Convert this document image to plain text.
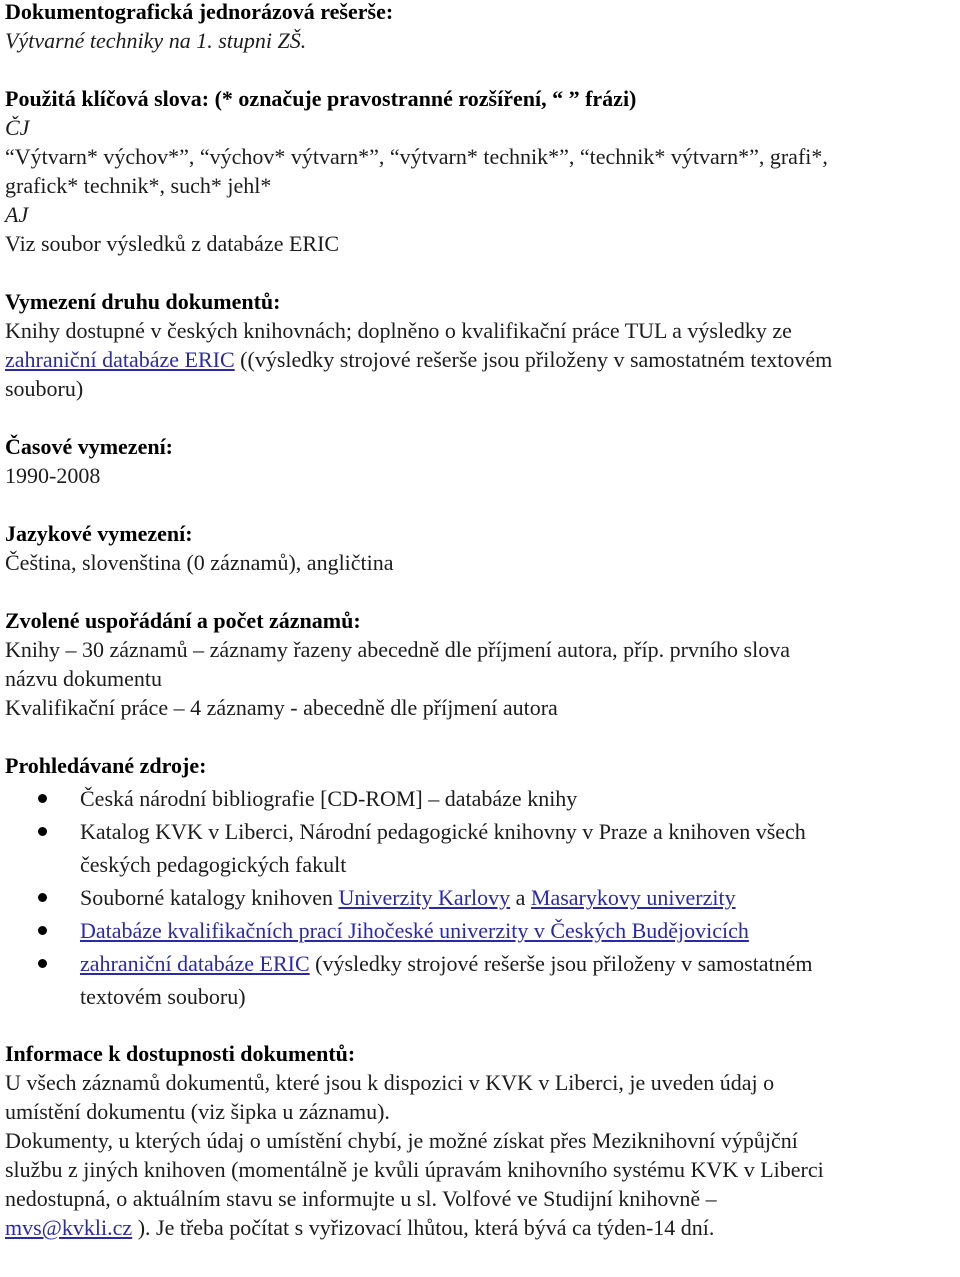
Dokumentografická jednorázová rešerše:
Výtvarné techniky na 1. stupni ZŠ.
Použitá klíčová slova: (* označuje pravostranné rozšíření, “ ” frázi)
ČJ
“Výtvarn* výchov*”, “výchov* výtvarn*”, “výtvarn* technik*”, “technik* výtvarn*”, grafi*,
grafick* technik*, such* jehl*
AJ
Viz soubor výsledků z databáze ERIC
Vymezení druhu dokumentů:
Knihy dostupné v českých knihovnách; doplněno o kvalifikační práce TUL a výsledky ze
zahraniční databáze ERIC ((výsledky strojové rešerše jsou přiloženy v samostatném textovém
souboru)
Časové vymezení:
1990-2008
Jazykové vymezení:
Čeština, slovenština (0 záznamů), angličtina
Zvolené uspořádání a počet záznamů:
Knihy – 30 záznamů – záznamy řazeny abecedně dle příjmení autora, příp. prvního slova
názvu dokumentu
Kvalifikační práce – 4 záznamy - abecedně dle příjmení autora
Prohledávané zdroje:
Česká národní bibliografie [CD-ROM] – databáze knihy
Katalog KVK v Liberci, Národní pedagogické knihovny v Praze a knihoven všech
českých pedagogických fakult
Souborné katalogy knihoven Univerzity Karlovy a Masarykovy univerzity
Databáze kvalifikačních prací Jihočeské univerzity v Českých Budějovicích
zahraniční databáze ERIC (výsledky strojové rešerše jsou přiloženy v samostatném
textovém souboru)
Informace k dostupnosti dokumentů:
U všech záznamů dokumentů, které jsou k dispozici v KVK v Liberci, je uveden údaj o
umístění dokumentu (viz šipka u záznamu).
Dokumenty, u kterých údaj o umístění chybí, je možné získat přes Meziknihovní výpůjční
službu z jiných knihoven (momentálně je kvůli úpravám knihovního systému KVK v Liberci
nedostupná, o aktuálním stavu se informujte u sl. Volfové ve Studijní knihovně –
mvs@kvkli.cz ). Je třeba počítat s vyřizovací lhůtou, která bývá ca týden-14 dní.
